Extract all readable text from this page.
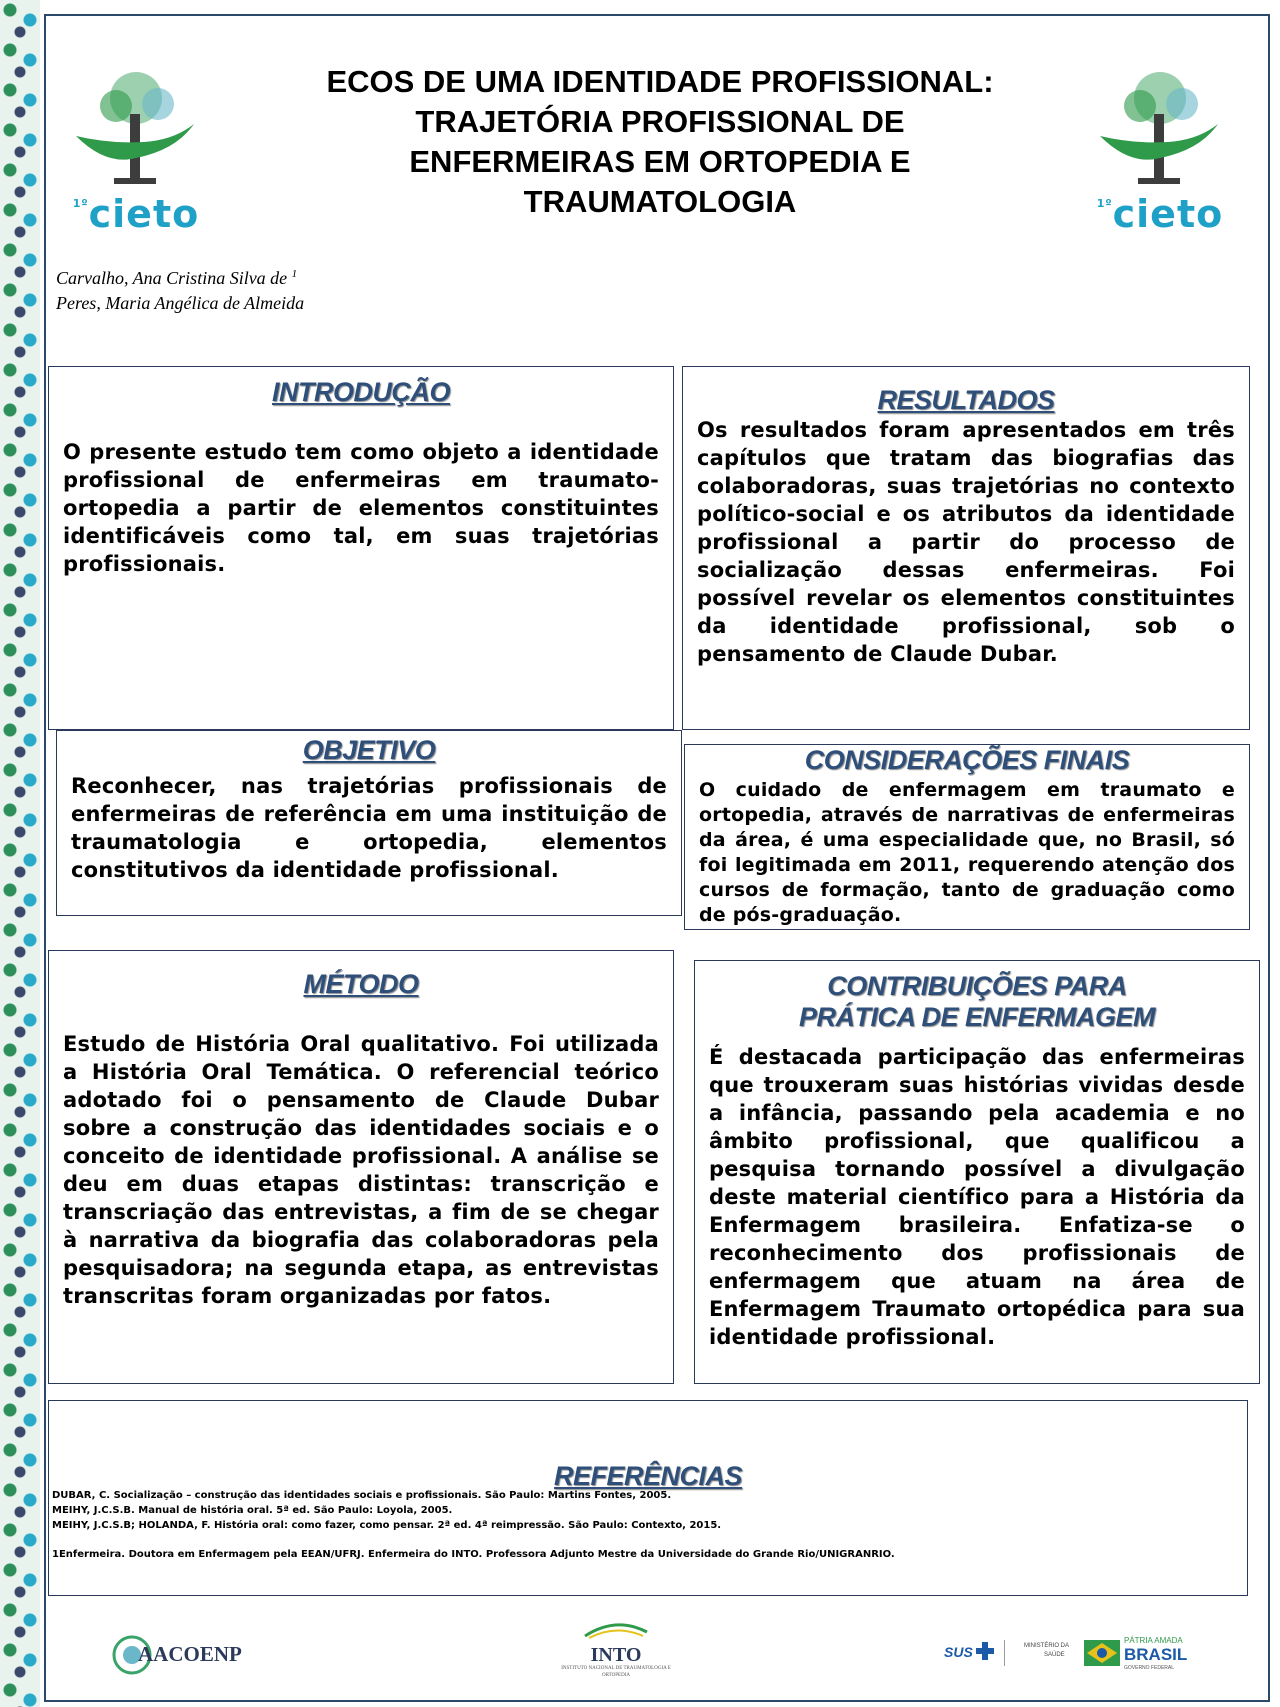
$^{1º}$cieto	$^{1º}$cieto
ECOS DE UMA IDENTIDADE PROFISSIONAL: TRAJETÓRIA PROFISSIONAL DE ENFERMEIRAS EM ORTOPEDIA E TRAUMATOLOGIA
Carvalho, Ana Cristina Silva de $^1$
Peres, Maria Angélica de Almeida
INTRODUÇÃO
O presente estudo tem como objeto a identidade profissional de enfermeiras em traumato-ortopedia a partir de elementos constituintes identificáveis como tal, em suas trajetórias profissionais.
RESULTADOS
Os resultados foram apresentados em três capítulos que tratam das biografias das colaboradoras, suas trajetórias no contexto político-social e os atributos da identidade profissional a partir do processo de socialização dessas enfermeiras. Foi possível revelar os elementos constituintes da identidade profissional, sob o pensamento de Claude Dubar.
OBJETIVO
Reconhecer, nas trajetórias profissionais de enfermeiras de referência em uma instituição de traumatologia e ortopedia, elementos constitutivos da identidade profissional.
CONSIDERAÇÕES FINAIS
O cuidado de enfermagem em traumato e ortopedia, através de narrativas de enfermeiras da área, é uma especialidade que, no Brasil, só foi legitimada em 2011, requerendo atenção dos cursos de formação, tanto de graduação como de pós-graduação.
MÉTODO
Estudo de História Oral qualitativo. Foi utilizada a História Oral Temática. O referencial teórico adotado foi o pensamento de Claude Dubar sobre a construção das identidades sociais e o conceito de identidade profissional. A análise se deu em duas etapas distintas: transcrição e transcriação das entrevistas, a fim de se chegar à narrativa da biografia das colaboradoras pela pesquisadora; na segunda etapa, as entrevistas transcritas foram organizadas por fatos.
CONTRIBUIÇÕES PARA
PRÁTICA DE ENFERMAGEM
É destacada participação das enfermeiras que trouxeram suas histórias vividas desde a infância, passando pela academia e no âmbito profissional, que qualificou a pesquisa tornando possível a divulgação deste material científico para a História da Enfermagem brasileira. Enfatiza-se o reconhecimento dos profissionais de enfermagem que atuam na área de Enfermagem Traumato ortopédica para sua identidade profissional.
REFERÊNCIAS
DUBAR, C. Socialização – construção das identidades sociais e profissionais. São Paulo: Martins Fontes, 2005.
MEIHY, J.C.S.B. Manual de história oral. 5ª ed. São Paulo: Loyola, 2005.
MEIHY, J.C.S.B; HOLANDA, F. História oral: como fazer, como pensar. 2ª ed. 4ª reimpressão. São Paulo: Contexto, 2015.
1Enfermeira. Doutora em Enfermagem pela EEAN/UFRJ. Enfermeira do INTO. Professora Adjunto Mestre da Universidade do Grande Rio/UNIGRANRIO.
AACOENP	INTO
INSTITUTO NACIONAL DE TRAUMATOLOGIA E ORTOPEDIA
SUS	MINISTÉRIO DA
SAÚDE
PÁTRIA AMADA
BRASIL
GOVERNO FEDERAL
